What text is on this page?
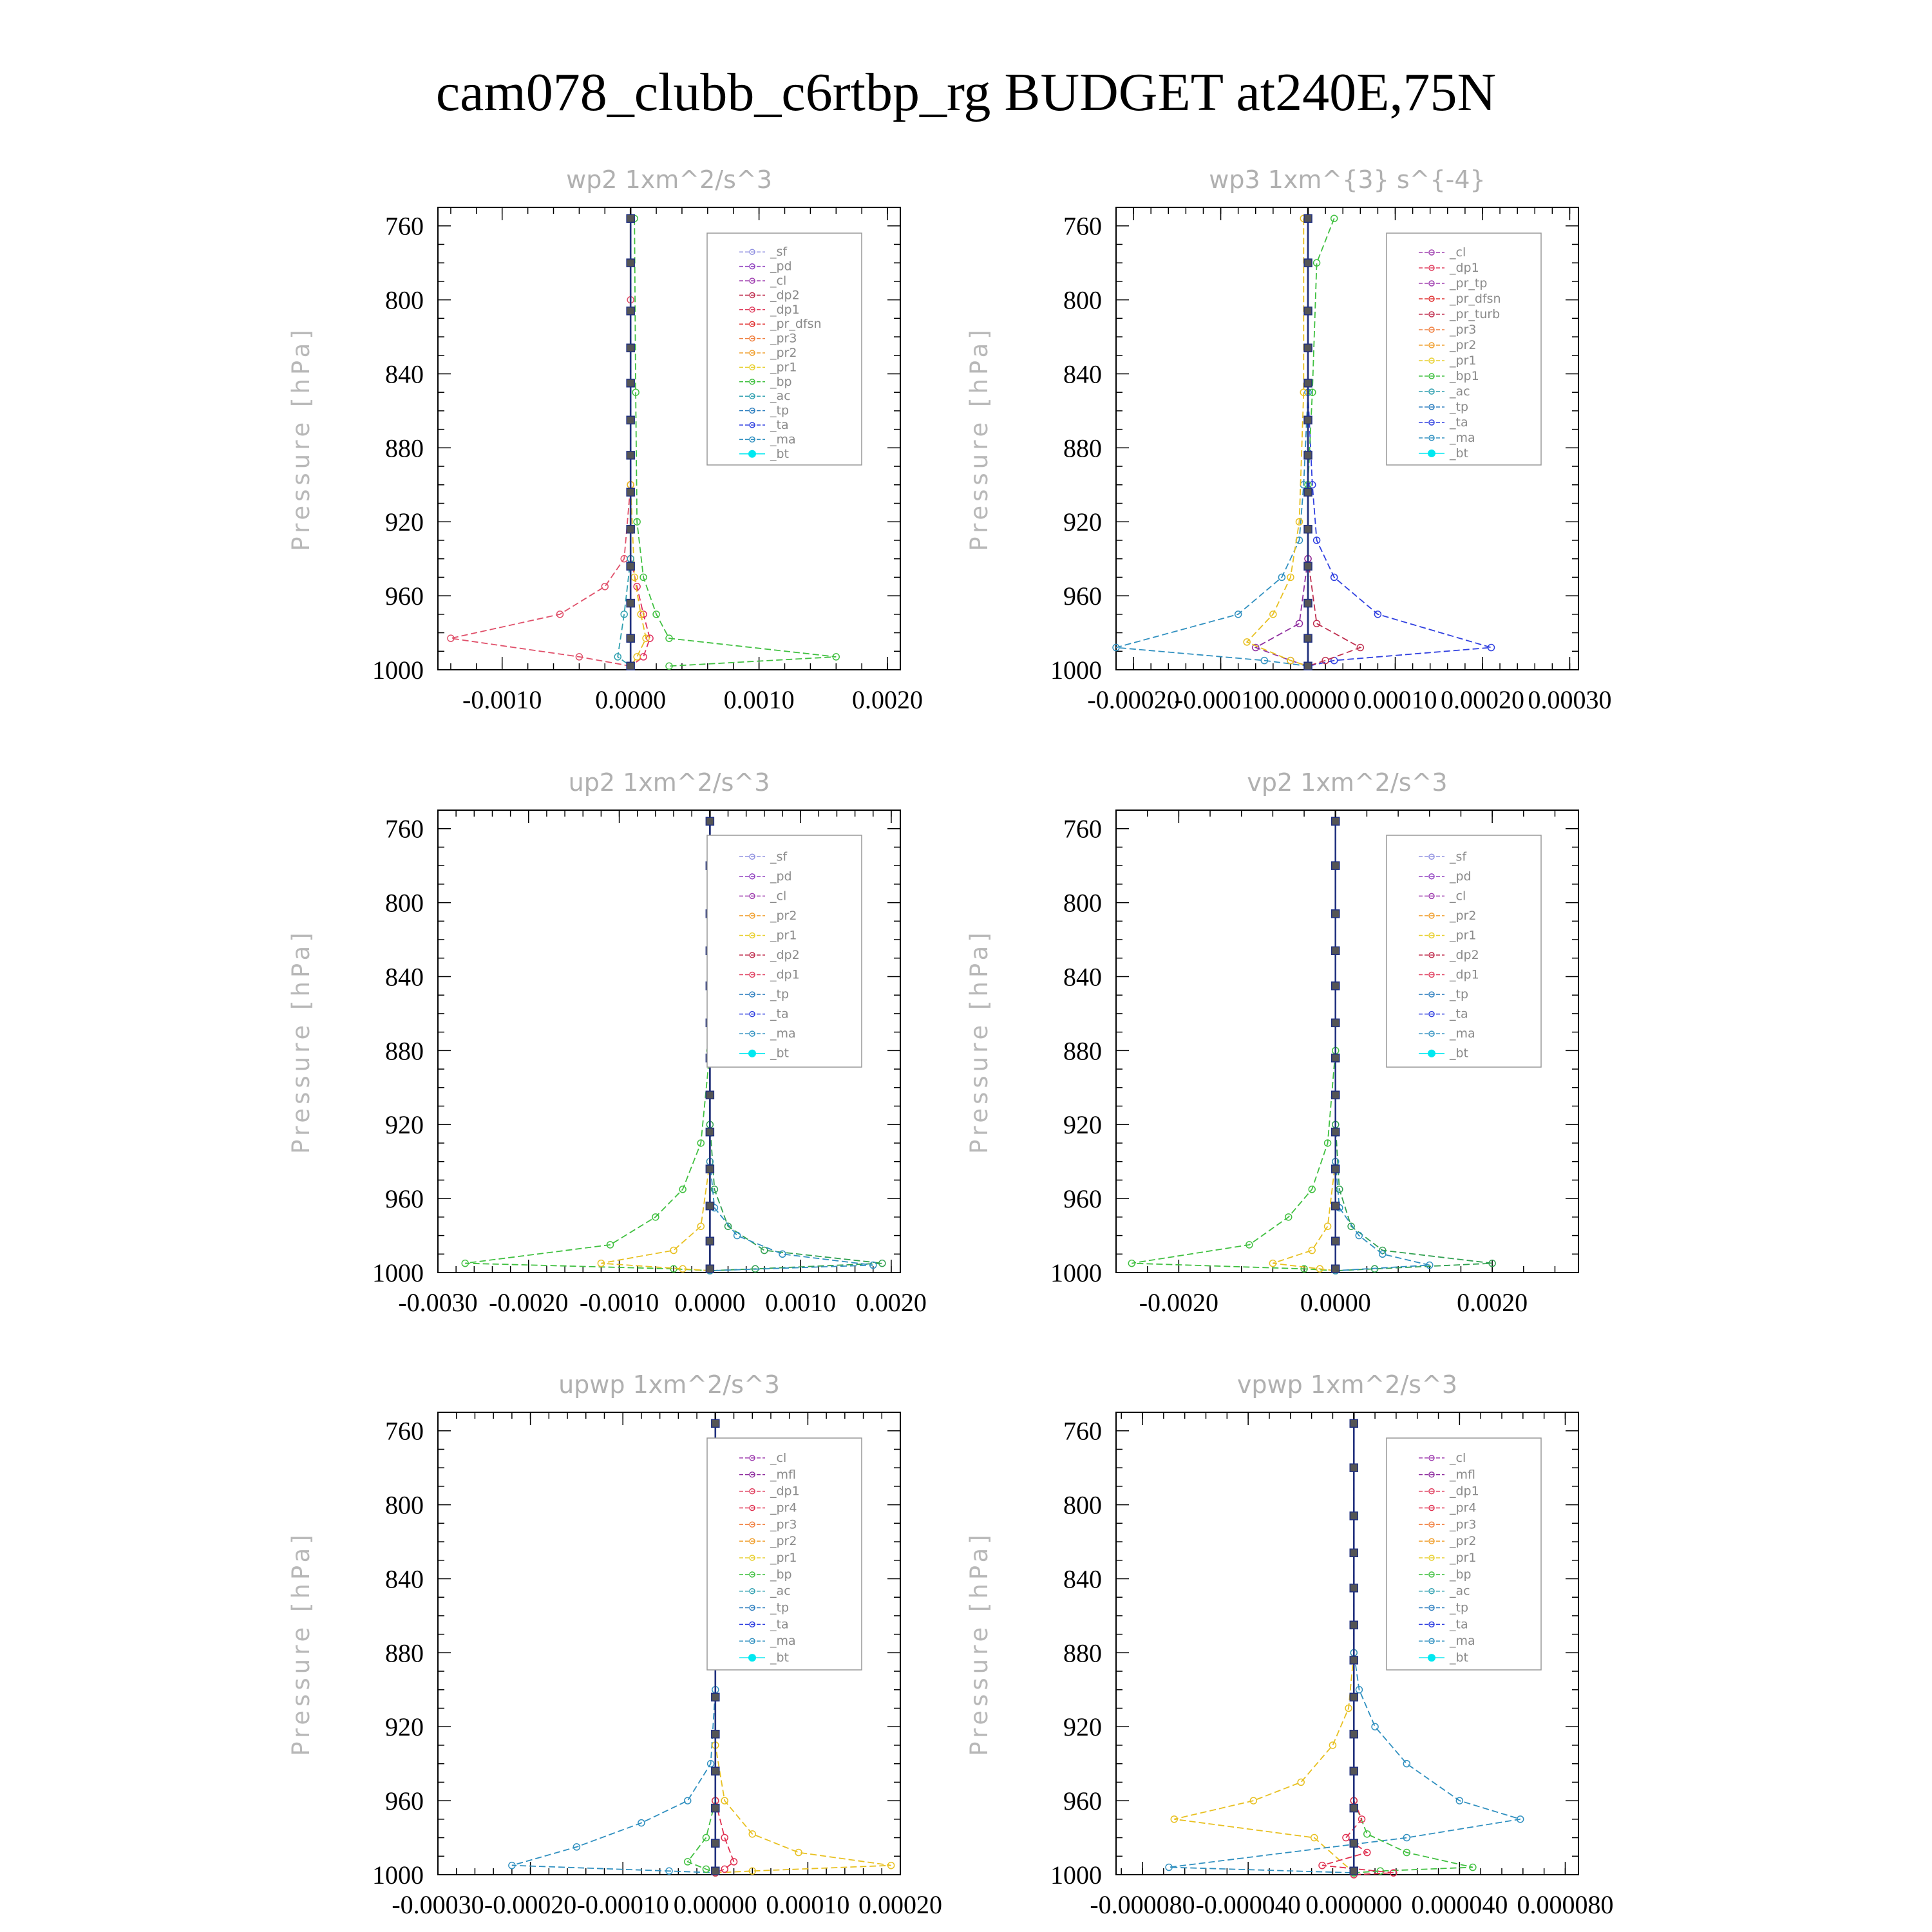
cam078_clubb_c6rtbp_rg BUDGET at240E,75N
wp2 1xm^2/s^3
Pressure [hPa]
760
800
840
880
920
960
1000
-0.0010 0.0000 0.0010 0.0020
_sf
_pd
_cl
_dp2
_dp1
_pr_dfsn
_pr3
_pr2
_pr1
_bp
_ac
_tp
_ta
_ma
_bt
wp3 1xm^{3} s^{-4}
Pressure [hPa]
760
800
840
880
920
960
1000
-0.00020
-0.00010
0.00000 0.00010 0.00020 0.00030
_cl
_dp1
_pr_tp
_pr_dfsn
_pr_turb
_pr3
_pr2
_pr1
_bp1
_ac
_tp
_ta
_ma
_bt
up2 1xm^2/s^3
Pressure [hPa]
760
800
840
880
920
960
1000
-0.0030 -0.0020 -0.0010 0.0000 0.0010 0.0020
_sf
_pd
_cl
_pr2
_pr1
_dp2
_dp1
_tp
_ta
_ma
_bt
vp2 1xm^2/s^3
Pressure [hPa]
760
800
840
880
920
960
1000
-0.0020	0.0000	0.0020
_sf
_pd
_cl
_pr2
_pr1
_dp2
_dp1
_tp
_ta
_ma
_bt
upwp 1xm^2/s^3
Pressure [hPa]
760
800
840
880
920
960
1000
-0.00030 -0.00020 -0.00010 0.00000 0.00010 0.00020
_cl
_mfl
_dp1
_pr4
_pr3
_pr2
_pr1
_bp
_ac
_tp
_ta
_ma
_bt
vpwp 1xm^2/s^3
Pressure [hPa]
760
800
840
880
920
960
1000
-0.000080 -0.000040 0.000000 0.000040 0.000080
_cl
_mfl
_dp1
_pr4
_pr3
_pr2
_pr1
_bp
_ac
_tp
_ta
_ma
_bt
